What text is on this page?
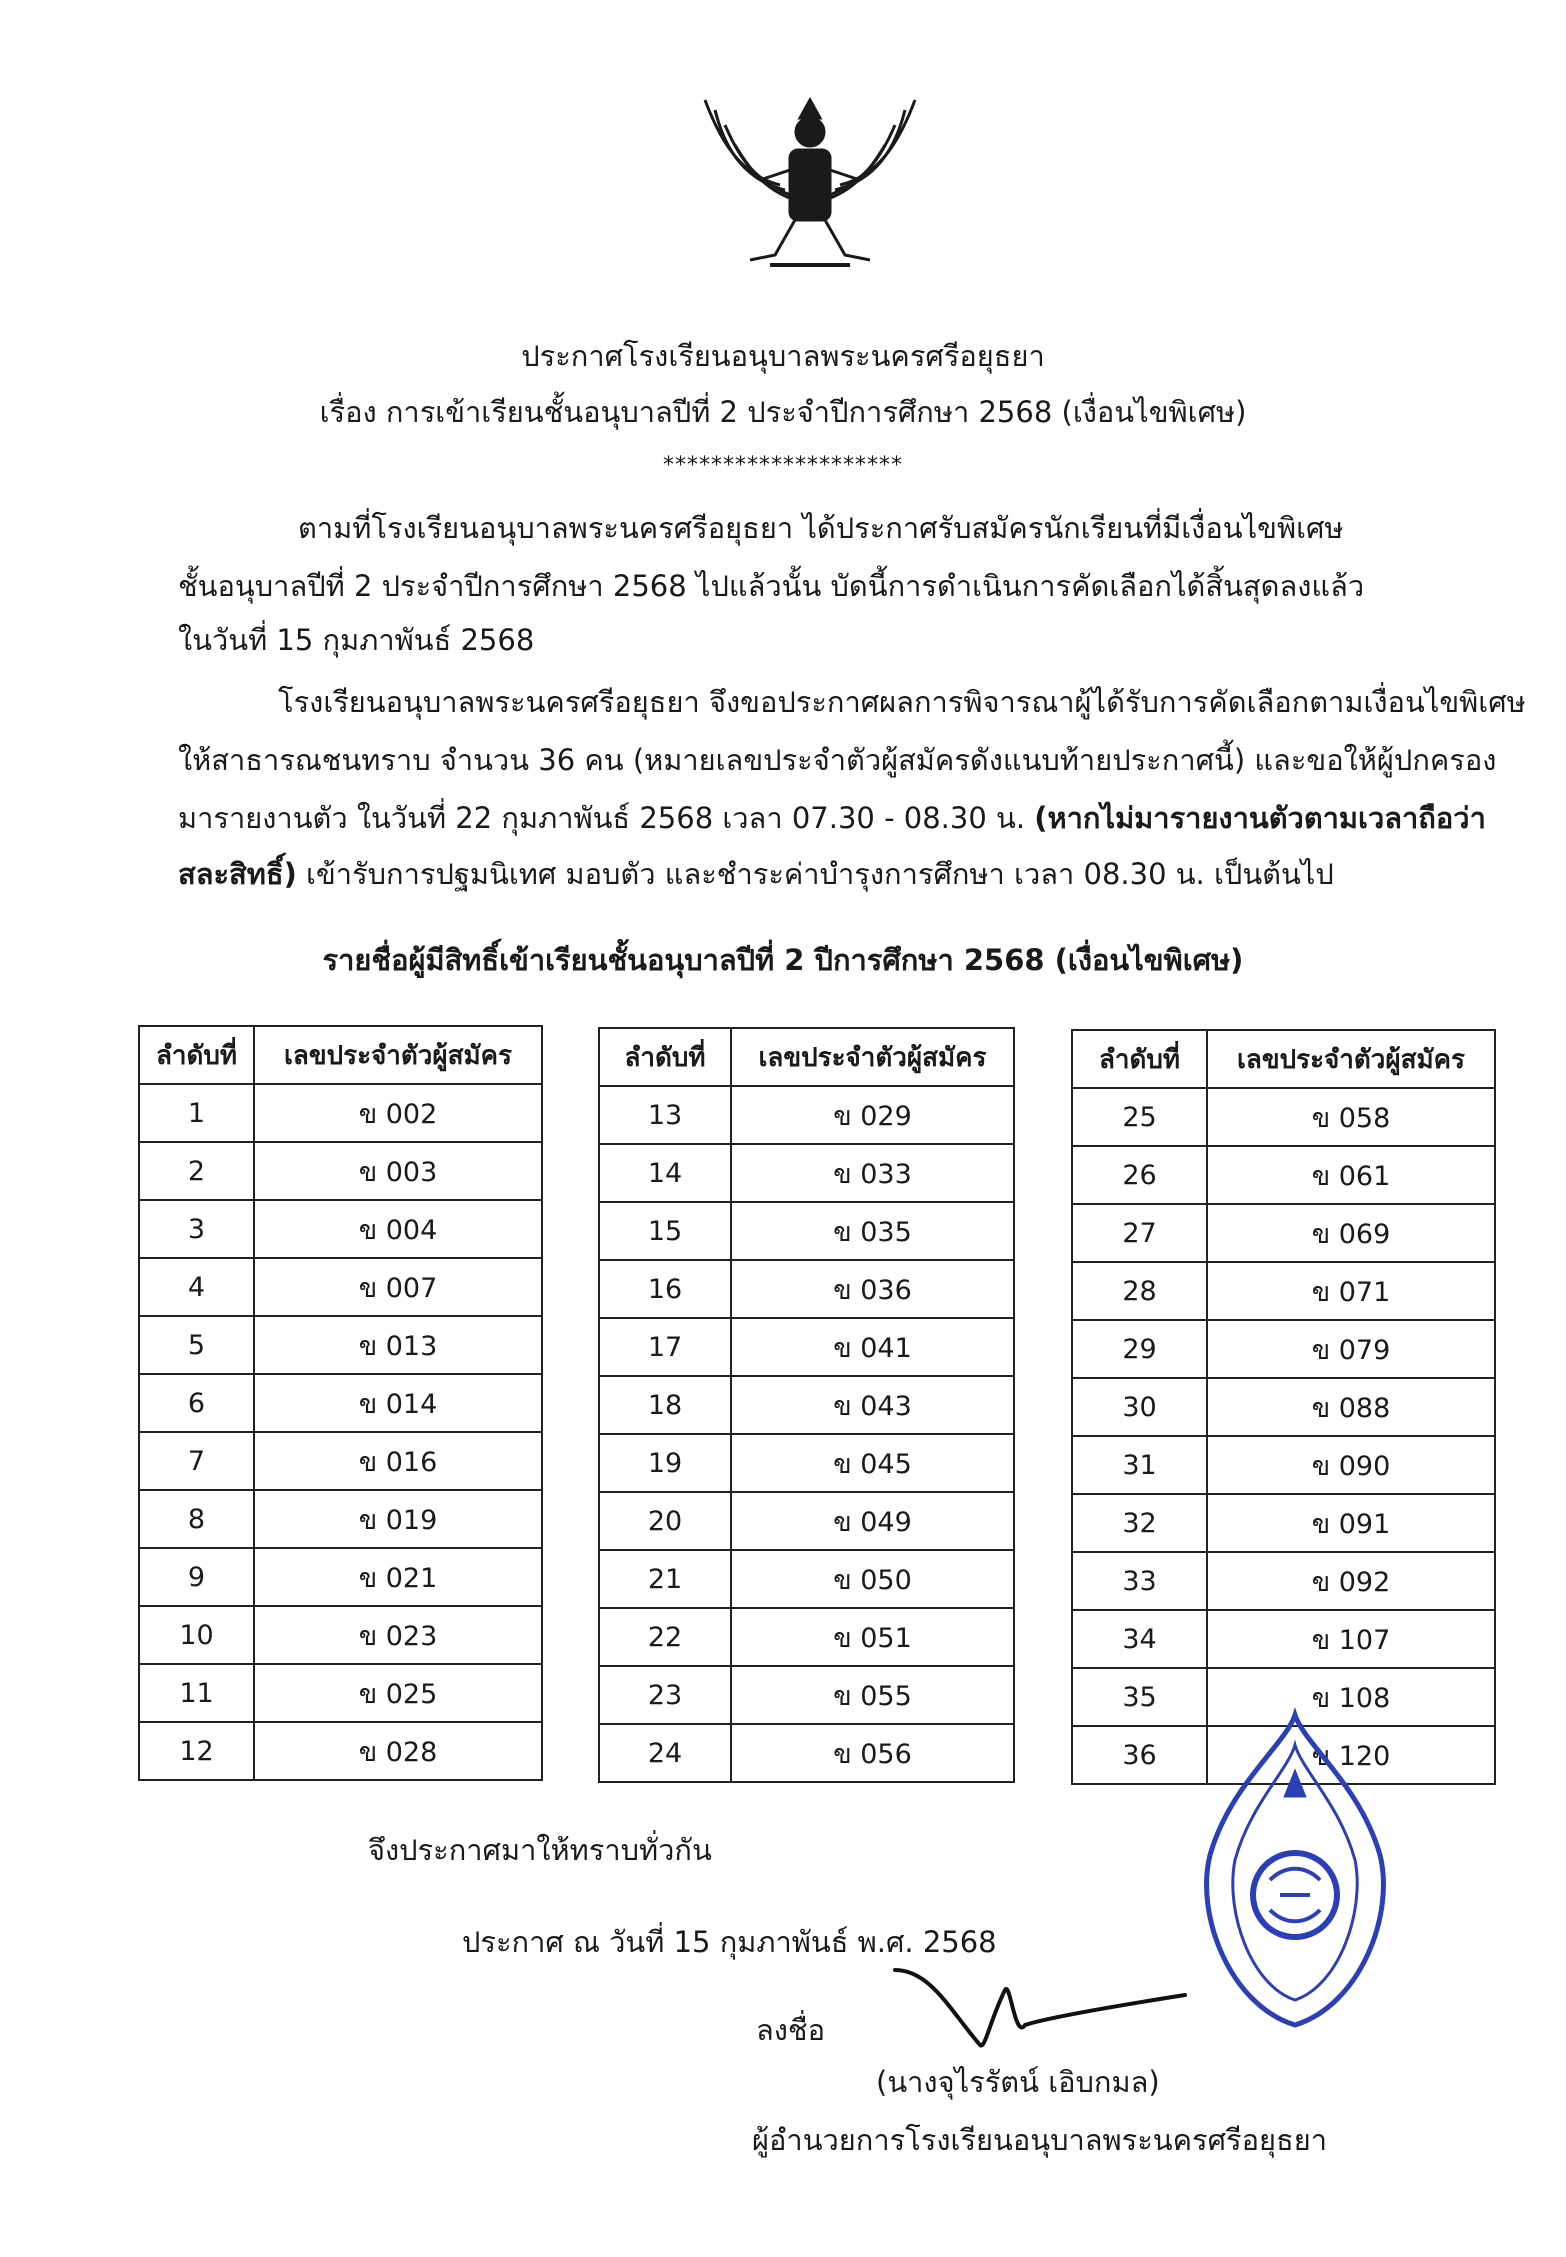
ประกาศโรงเรียนอนุบาลพระนครศรีอยุธยา
เรื่อง การเข้าเรียนชั้นอนุบาลปีที่ 2 ประจำปีการศึกษา 2568 (เงื่อนไขพิเศษ)
********************
ตามที่โรงเรียนอนุบาลพระนครศรีอยุธยา ได้ประกาศรับสมัครนักเรียนที่มีเงื่อนไขพิเศษ
ชั้นอนุบาลปีที่ 2 ประจำปีการศึกษา 2568 ไปแล้วนั้น บัดนี้การดำเนินการคัดเลือกได้สิ้นสุดลงแล้ว
ในวันที่ 15 กุมภาพันธ์ 2568
โรงเรียนอนุบาลพระนครศรีอยุธยา จึงขอประกาศผลการพิจารณาผู้ได้รับการคัดเลือกตามเงื่อนไขพิเศษ
ให้สาธารณชนทราบ จำนวน 36 คน (หมายเลขประจำตัวผู้สมัครดังแนบท้ายประกาศนี้) และขอให้ผู้ปกครอง
มารายงานตัว ในวันที่ 22 กุมภาพันธ์ 2568 เวลา 07.30 - 08.30 น. (หากไม่มารายงานตัวตามเวลาถือว่า
สละสิทธิ์) เข้ารับการปฐมนิเทศ มอบตัว และชำระค่าบำรุงการศึกษา เวลา 08.30 น. เป็นต้นไป
รายชื่อผู้มีสิทธิ์เข้าเรียนชั้นอนุบาลปีที่ 2 ปีการศึกษา 2568 (เงื่อนไขพิเศษ)
ลำดับที่	เลขประจำตัวผู้สมัคร
1	ข 002
2	ข 003
3	ข 004
4	ข 007
5	ข 013
6	ข 014
7	ข 016
8	ข 019
9	ข 021
10	ข 023
11	ข 025
12	ข 028
ลำดับที่	เลขประจำตัวผู้สมัคร
13	ข 029
14	ข 033
15	ข 035
16	ข 036
17	ข 041
18	ข 043
19	ข 045
20	ข 049
21	ข 050
22	ข 051
23	ข 055
24	ข 056
ลำดับที่	เลขประจำตัวผู้สมัคร
25	ข 058
26	ข 061
27	ข 069
28	ข 071
29	ข 079
30	ข 088
31	ข 090
32	ข 091
33	ข 092
34	ข 107
35	ข 108
36	ข 120
จึงประกาศมาให้ทราบทั่วกัน
ประกาศ ณ วันที่ 15 กุมภาพันธ์ พ.ศ. 2568
ลงชื่อ
(นางจุไรรัตน์ เอิบกมล)
ผู้อำนวยการโรงเรียนอนุบาลพระนครศรีอยุธยา
